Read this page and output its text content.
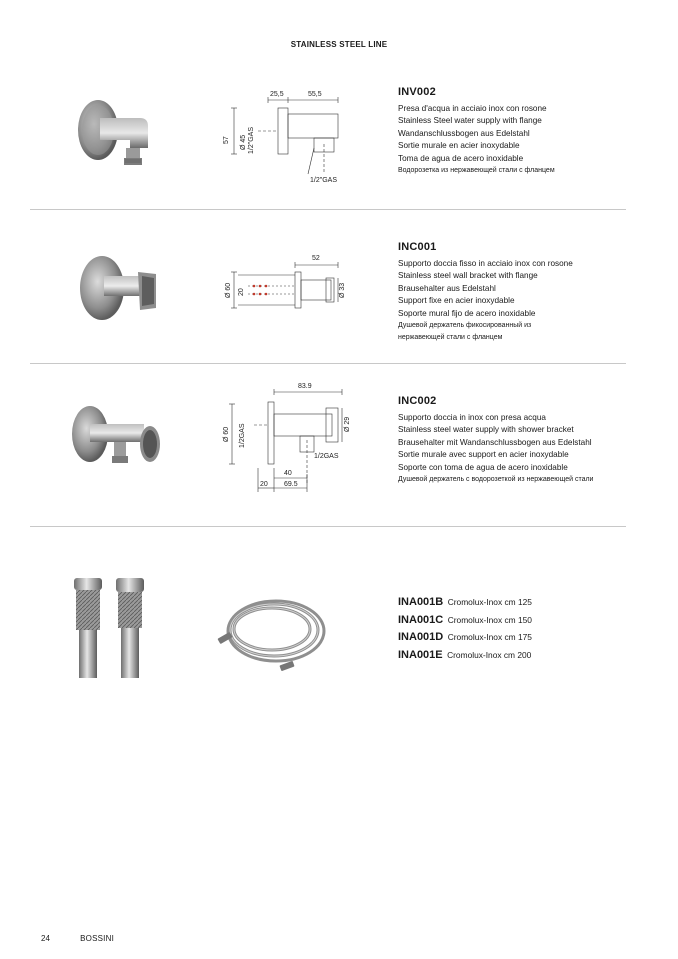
STAINLESS STEEL LINE
25,5	55,5
57 Ø 45 1/2"GAS
1/2"GAS
INV002
Presa d'acqua in acciaio inox con rosone
Stainless Steel water supply with flange
Wandanschlussbogen aus Edelstahl
Sortie murale en acier inoxydable
Toma de agua de acero inoxidable
Водорозетка из нержавеющей стали с фланцем
52
Ø 60 20	Ø 33
INC001
Supporto doccia fisso in acciaio inox con rosone
Stainless steel wall bracket with flange
Brausehalter aus Edelstahl
Support fixe en acier inoxydable
Soporte mural fijo de acero inoxidable
Душевой держатель фикосированный из
нержавеющей стали с фланцем
83.9
Ø 60 1/2GAS	Ø 29
1/2GAS
40
20 69.5
INC002
Supporto doccia in inox con presa acqua
Stainless steel water supply with shower bracket
Brausehalter mit Wandanschlussbogen aus Edelstahl
Sortie murale avec support en acier inoxydable
Soporte con toma de agua de acero inoxidable
Душевой держатель с водорозеткой из нержавеющей стали
INA001B Cromolux-Inox cm 125
INA001C Cromolux-Inox cm 150
INA001D Cromolux-Inox cm 175
INA001E Cromolux-Inox cm 200
24	BOSSINI
